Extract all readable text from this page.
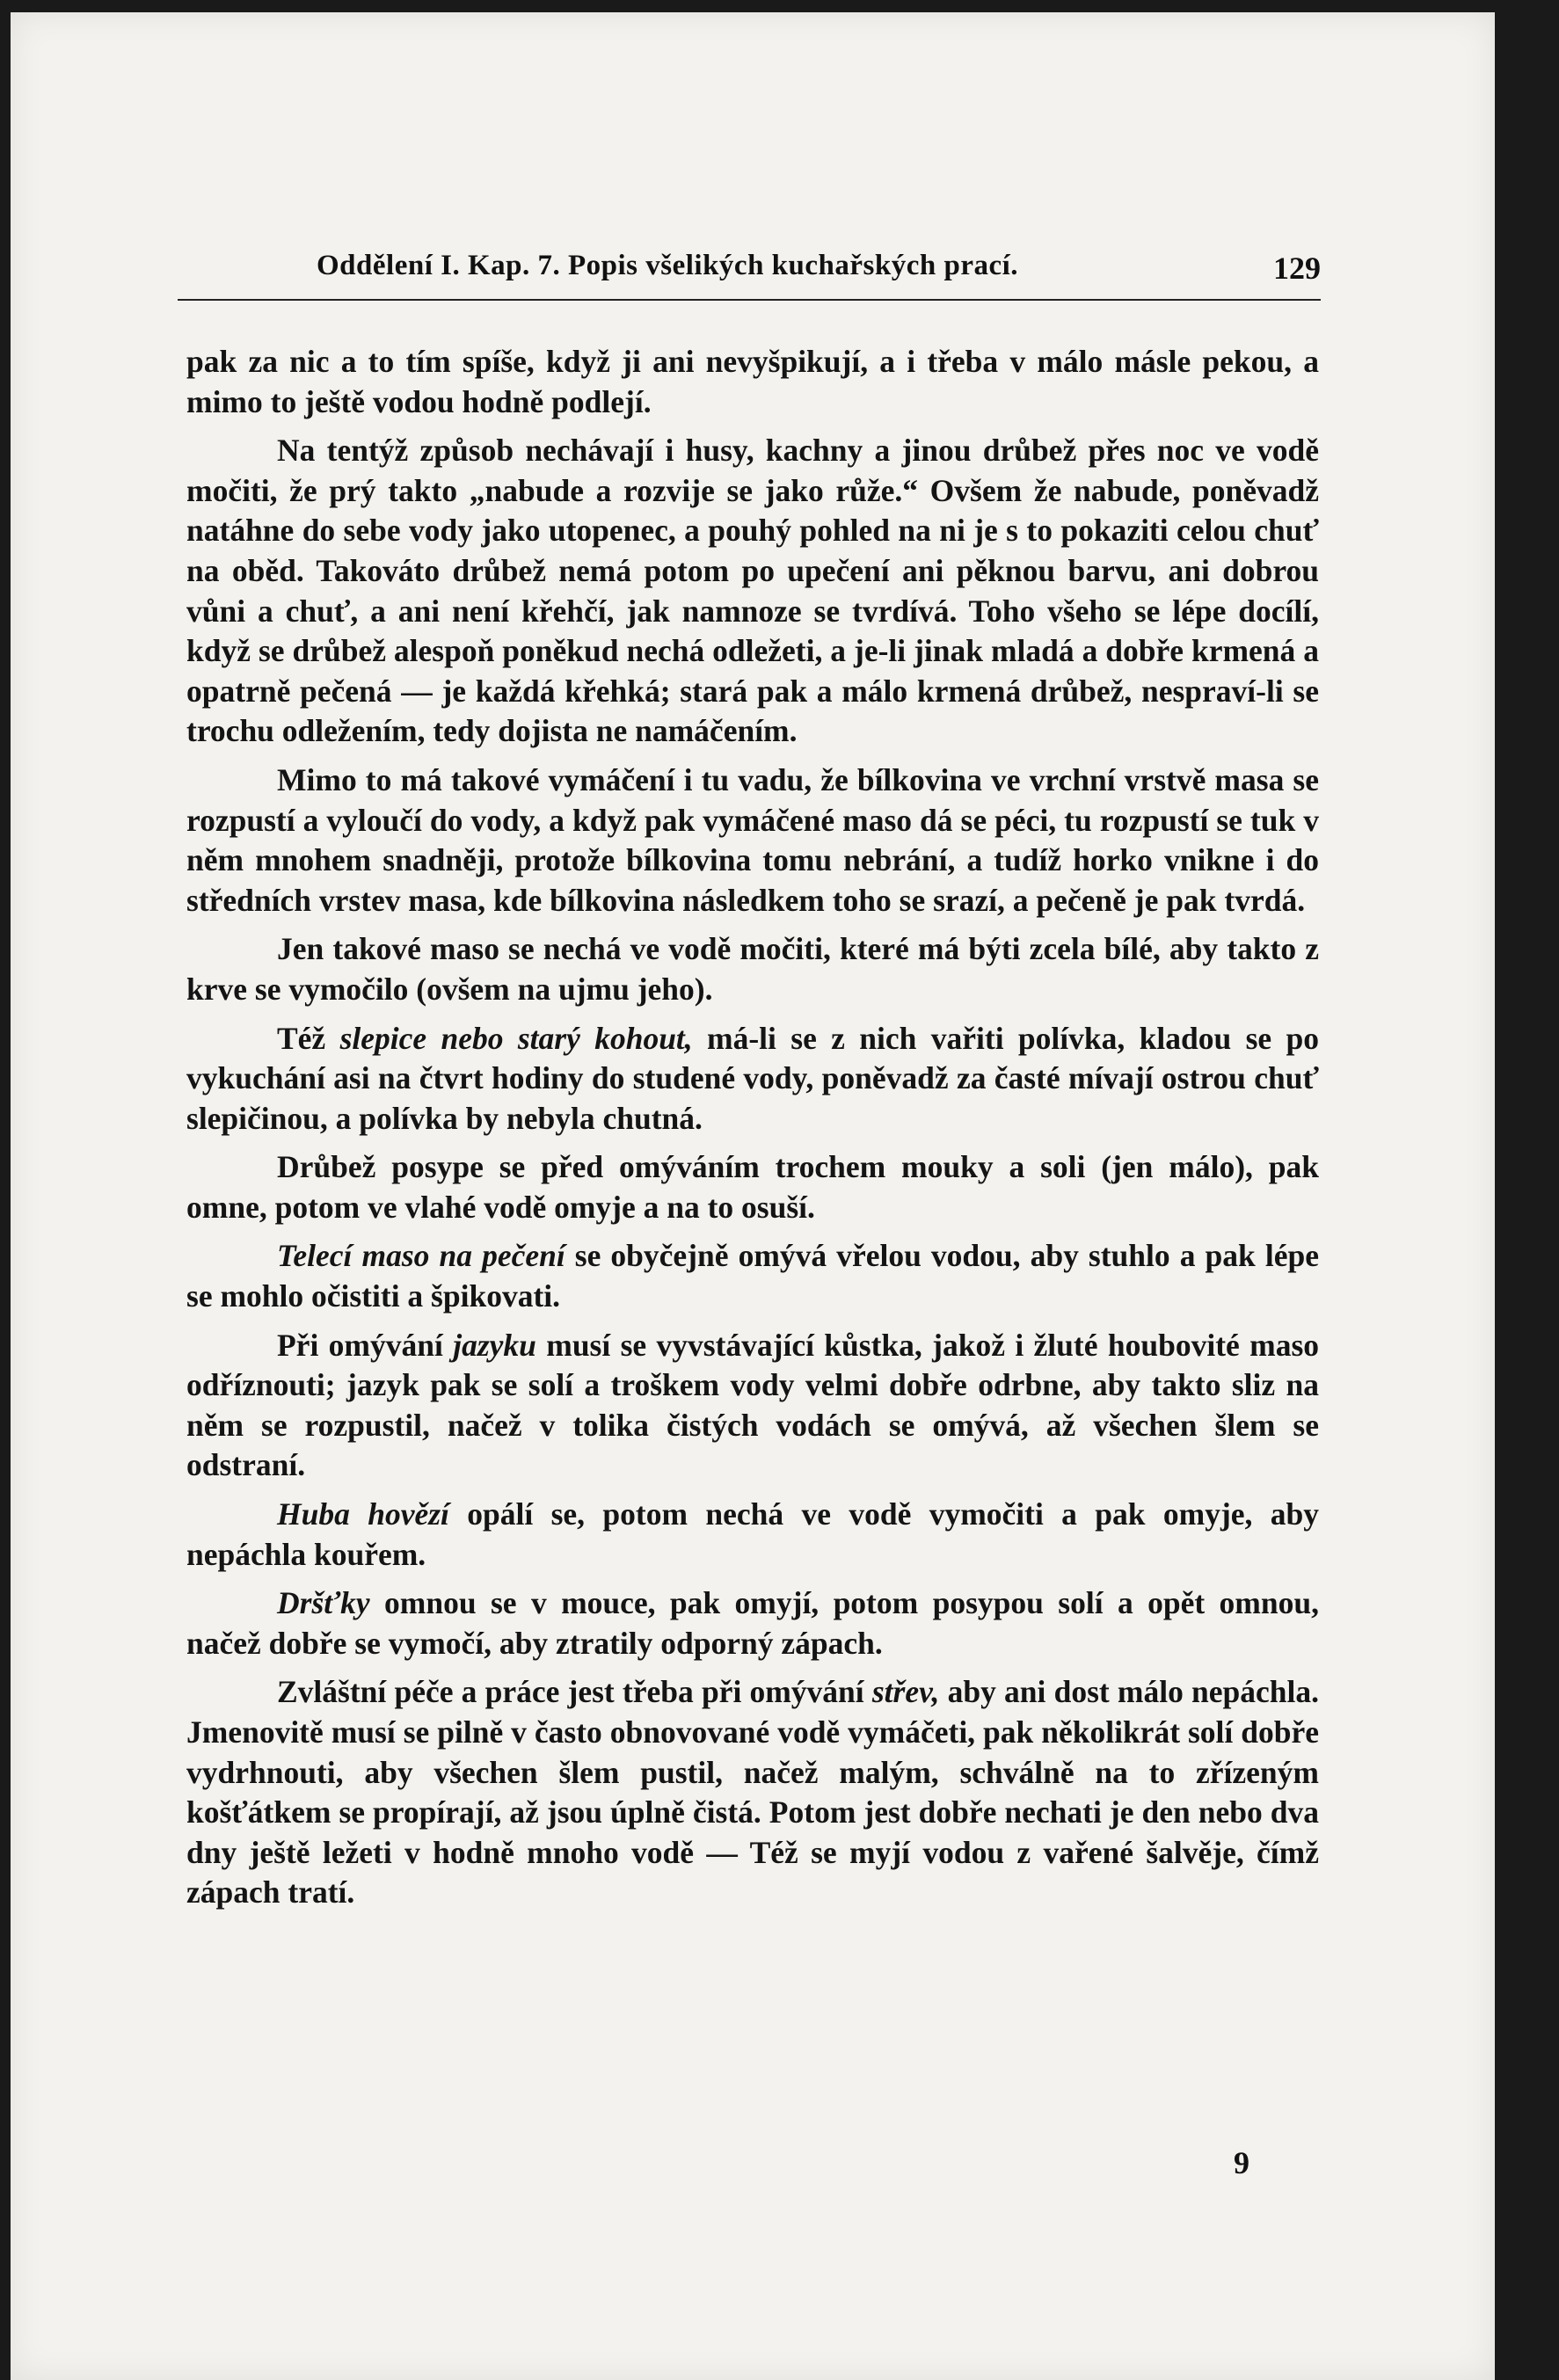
Oddělení I. Kap. 7. Popis všelikých kuchařských prací.	129

pak za nic a to tím spíše, když ji ani nevyšpikují, a i třeba v málo másle pekou, a mimo to ještě vodou hodně podlejí.

Na tentýž způsob nechávají i husy, kachny a jinou drůbež přes noc ve vodě močiti, že prý takto „nabude a rozvije se jako růže.“ Ovšem že nabude, poněvadž natáhne do sebe vody jako utopenec, a pouhý pohled na ni je s to pokaziti celou chuť na oběd. Takováto drůbež nemá potom po upečení ani pěknou barvu, ani dobrou vůni a chuť, a ani není křehčí, jak namnoze se tvrdívá. Toho všeho se lépe docílí, když se drůbež alespoň poněkud nechá odležeti, a je-li jinak mladá a dobře krmená a opatrně pečená — je každá křehká; stará pak a málo krmená drůbež, nespraví-li se trochu odležením, tedy dojista ne namáčením.

Mimo to má takové vymáčení i tu vadu, že bílkovina ve vrchní vrstvě masa se rozpustí a vyloučí do vody, a když pak vymáčené maso dá se péci, tu rozpustí se tuk v něm mnohem snadněji, protože bílkovina tomu nebrání, a tudíž horko vnikne i do středních vrstev masa, kde bílkovina následkem toho se srazí, a pečeně je pak tvrdá.

Jen takové maso se nechá ve vodě močiti, které má býti zcela bílé, aby takto z krve se vymočilo (ovšem na ujmu jeho).

Též slepice nebo starý kohout, má-li se z nich vařiti polívka, kladou se po vykuchání asi na čtvrt hodiny do studené vody, poněvadž za časté mívají ostrou chuť slepičinou, a polívka by nebyla chutná.

Drůbež posype se před omýváním trochem mouky a soli (jen málo), pak omne, potom ve vlahé vodě omyje a na to osuší.

Telecí maso na pečení se obyčejně omývá vřelou vodou, aby stuhlo a pak lépe se mohlo očistiti a špikovati.

Při omývání jazyku musí se vyvstávající kůstka, jakož i žluté houbovité maso odříznouti; jazyk pak se solí a troškem vody velmi dobře odrbne, aby takto sliz na něm se rozpustil, načež v tolika čistých vodách se omývá, až všechen šlem se odstraní.

Huba hovězí opálí se, potom nechá ve vodě vymočiti a pak omyje, aby nepáchla kouřem.

Dršťky omnou se v mouce, pak omyjí, potom posypou solí a opět omnou, načež dobře se vymočí, aby ztratily odporný zápach.

Zvláštní péče a práce jest třeba při omývání střev, aby ani dost málo nepáchla. Jmenovitě musí se pilně v často obnovované vodě vymáčeti, pak několikrát solí dobře vydrhnouti, aby všechen šlem pustil, načež malým, schválně na to zřízeným košťátkem se propírají, až jsou úplně čistá. Potom jest dobře nechati je den nebo dva dny ještě ležeti v hodně mnoho vodě — Též se myjí vodou z vařené šalvěje, čímž zápach tratí.

9
